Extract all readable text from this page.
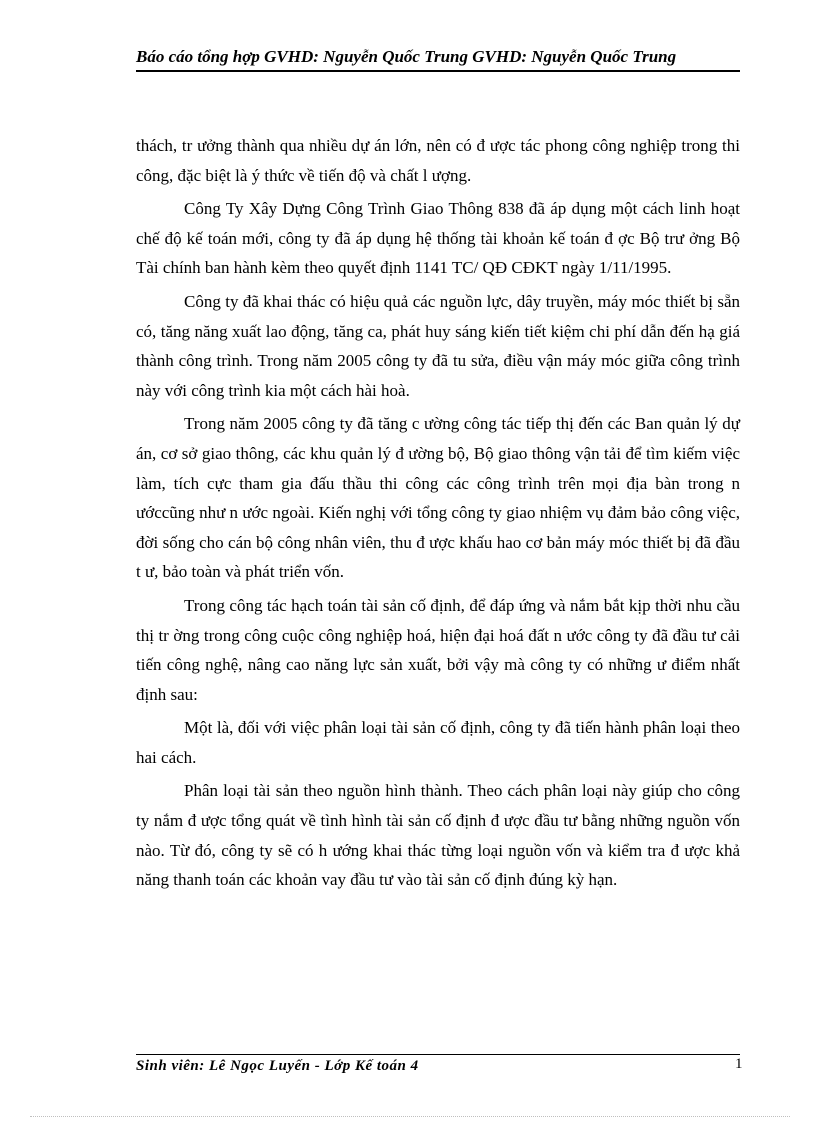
Báo cáo tổng hợp GVHD: Nguyễn Quốc Trung GVHD: Nguyễn Quốc Trung

thách, tr ưởng thành qua nhiều dự án lớn, nên có đ ược tác phong công nghiệp trong thi công, đặc biệt là ý thức về tiến độ và chất l ượng.

Công Ty Xây Dựng Công Trình Giao Thông 838 đã áp dụng một cách linh hoạt chế độ kế toán mới, công ty đã áp dụng hệ thống tài khoản kế toán đ ợc Bộ trư ởng Bộ Tài chính ban hành kèm theo quyết định 1141 TC/ QĐ CĐKT ngày 1/11/1995.

Công ty đã khai thác có hiệu quả các nguồn lực, dây truyền, máy móc thiết bị sẵn có, tăng năng xuất lao động, tăng ca, phát huy sáng kiến tiết kiệm chi phí dẫn đến hạ giá thành công trình. Trong năm 2005 công ty đã tu sửa, điều vận máy móc giữa công trình này với công trình kia một cách hài hoà.

Trong năm 2005 công ty đã tăng c ường công tác tiếp thị đến các Ban quản lý dự án, cơ sở giao thông, các khu quản lý đ ường bộ, Bộ giao thông vận tải để tìm kiếm việc làm, tích cực tham gia đấu thầu thi công các công trình trên mọi địa bàn trong n ướccũng như n ước ngoài. Kiến nghị với tổng công ty giao nhiệm vụ đảm bảo công việc, đời sống cho cán bộ công nhân viên, thu đ ược khấu hao cơ bản máy móc thiết bị đã đầu t ư, bảo toàn và phát triển vốn.

Trong công tác hạch toán tài sản cố định, để đáp ứng và nắm bắt kịp thời nhu cầu thị tr ờng trong công cuộc công nghiệp hoá, hiện đại hoá đất n ước công ty đã đầu tư cải tiến công nghệ, nâng cao năng lực sản xuất, bởi vậy mà công ty có những ư điểm nhất định sau:

Một là, đối với việc phân loại tài sản cố định, công ty đã tiến hành phân loại theo hai cách.

Phân loại tài sản theo nguồn hình thành. Theo cách phân loại này giúp cho công ty nắm đ ược tổng quát về tình hình tài sản cố định đ ược đầu tư bằng những nguồn vốn nào. Từ đó, công ty sẽ có h ướng khai thác từng loại nguồn vốn và kiểm tra đ ược khả năng thanh toán các khoản vay đầu tư vào tài sản cố định đúng kỳ hạn.

Sinh viên: Lê Ngọc Luyến - Lớp Kế toán 4	1
